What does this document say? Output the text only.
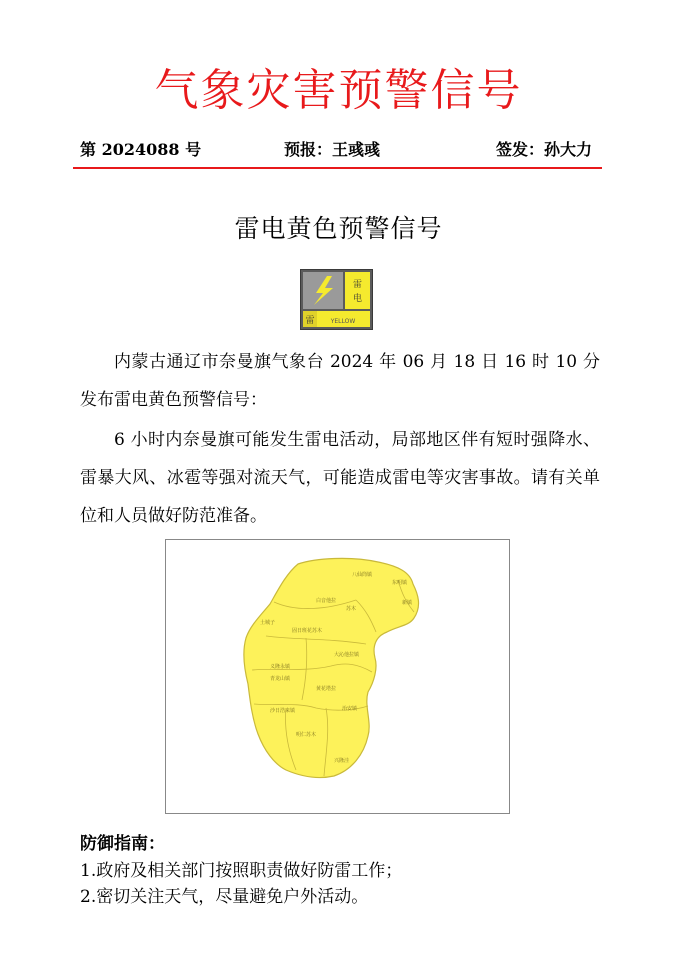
气象灾害预警信号
第 2024088 号	预报：王彧彧	签发：孙大力
雷电黄色预警信号
雷
电
雷	YELLOW

内蒙古通辽市奈曼旗气象台 2024 年 06 月 18 日 16 时 10 分发布雷电黄色预警信号：

6 小时内奈曼旗可能发生雷电活动，局部地区伴有短时强降水、雷暴大风、冰雹等强对流天气，可能造成雷电等灾害事故。请有关单位和人员做好防范准备。

八仙筒镇
东明镇
白音他拉
苏木
新镇
固日班花苏木
土城子
大沁他拉镇
义隆永镇
青龙山镇
黄花塔拉
治安镇
沙日浩来镇
明仁苏木
兴隆洼
防御指南：
1.政府及相关部门按照职责做好防雷工作；
2.密切关注天气，尽量避免户外活动。
